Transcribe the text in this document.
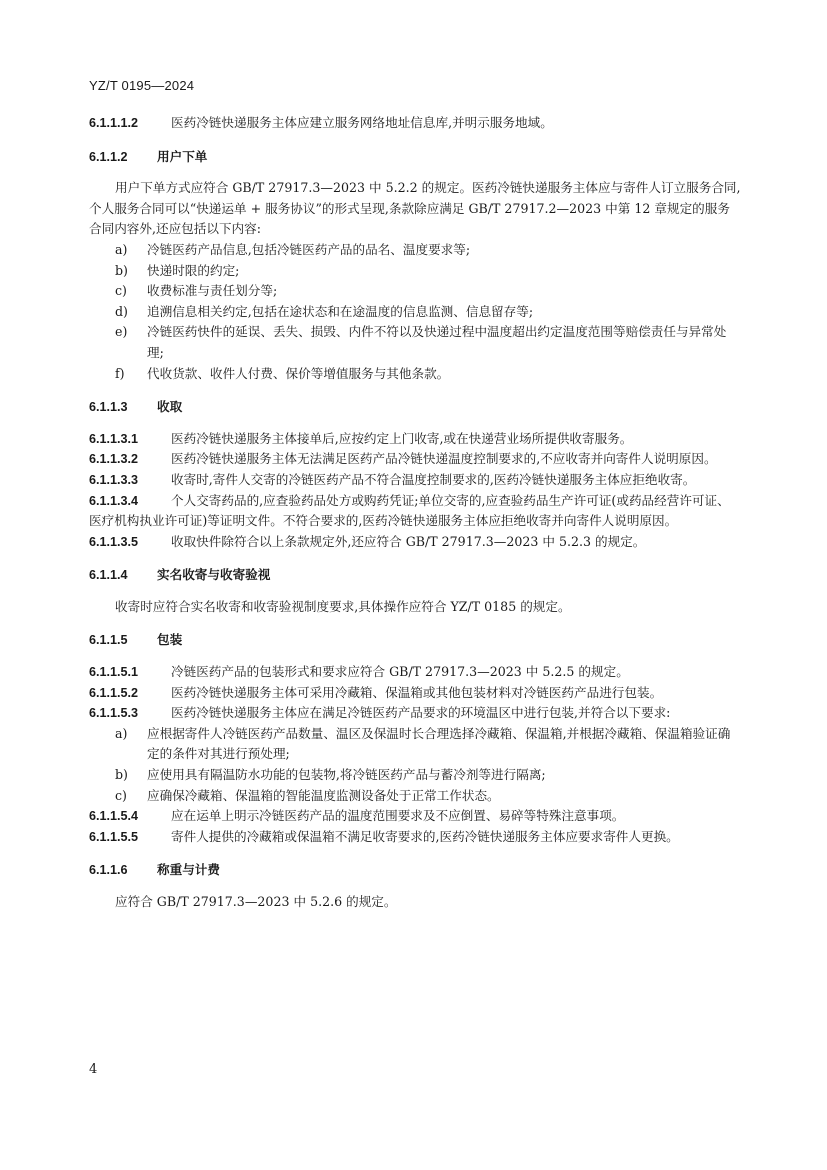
YZ/T 0195—2024
6.1.1.1.2	医药冷链快递服务主体应建立服务网络地址信息库,并明示服务地域。
6.1.1.2 用户下单
用户下单方式应符合 GB/T 27917.3—2023 中 5.2.2 的规定。医药冷链快递服务主体应与寄件人订立服务合同,个人服务合同可以“快递运单 + 服务协议”的形式呈现,条款除应满足 GB/T 27917.2—2023 中第 12 章规定的服务合同内容外,还应包括以下内容:
a)	冷链医药产品信息,包括冷链医药产品的品名、温度要求等;
b)	快递时限的约定;
c)	收费标准与责任划分等;
d)	追溯信息相关约定,包括在途状态和在途温度的信息监测、信息留存等;
e)	冷链医药快件的延误、丢失、损毁、内件不符以及快递过程中温度超出约定温度范围等赔偿责任与异常处理;
f)	代收货款、收件人付费、保价等增值服务与其他条款。
6.1.1.3 收取
6.1.1.3.1	医药冷链快递服务主体接单后,应按约定上门收寄,或在快递营业场所提供收寄服务。
6.1.1.3.2	医药冷链快递服务主体无法满足医药产品冷链快递温度控制要求的,不应收寄并向寄件人说明原因。
6.1.1.3.3	收寄时,寄件人交寄的冷链医药产品不符合温度控制要求的,医药冷链快递服务主体应拒绝收寄。
6.1.1.3.4	个人交寄药品的,应查验药品处方或购药凭证;单位交寄的,应查验药品生产许可证(或药品经营许可证、医疗机构执业许可证)等证明文件。不符合要求的,医药冷链快递服务主体应拒绝收寄并向寄件人说明原因。
6.1.1.3.5	收取快件除符合以上条款规定外,还应符合 GB/T 27917.3—2023 中 5.2.3 的规定。
6.1.1.4 实名收寄与收寄验视
收寄时应符合实名收寄和收寄验视制度要求,具体操作应符合 YZ/T 0185 的规定。
6.1.1.5 包装
6.1.1.5.1	冷链医药产品的包装形式和要求应符合 GB/T 27917.3—2023 中 5.2.5 的规定。
6.1.1.5.2	医药冷链快递服务主体可采用冷藏箱、保温箱或其他包装材料对冷链医药产品进行包装。
6.1.1.5.3	医药冷链快递服务主体应在满足冷链医药产品要求的环境温区中进行包装,并符合以下要求:
a)	应根据寄件人冷链医药产品数量、温区及保温时长合理选择冷藏箱、保温箱,并根据冷藏箱、保温箱验证确定的条件对其进行预处理;
b)	应使用具有隔温防水功能的包装物,将冷链医药产品与蓄冷剂等进行隔离;
c)	应确保冷藏箱、保温箱的智能温度监测设备处于正常工作状态。
6.1.1.5.4	应在运单上明示冷链医药产品的温度范围要求及不应倒置、易碎等特殊注意事项。
6.1.1.5.5	寄件人提供的冷藏箱或保温箱不满足收寄要求的,医药冷链快递服务主体应要求寄件人更换。
6.1.1.6 称重与计费
应符合 GB/T 27917.3—2023 中 5.2.6 的规定。
4
